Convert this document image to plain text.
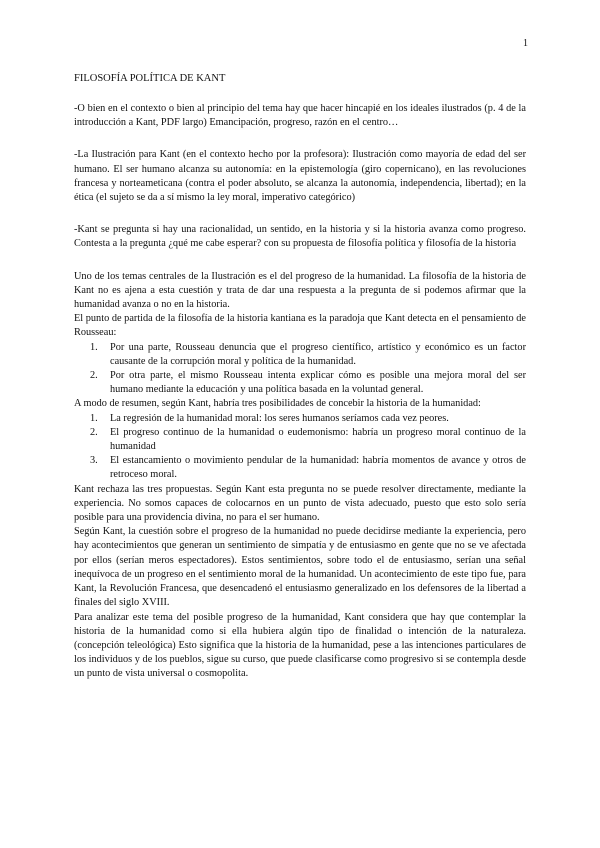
1
FILOSOFÍA POLÍTICA DE KANT

-O bien en el contexto o bien al principio del tema hay que hacer hincapié en los ideales ilustrados (p. 4 de la introducción a Kant, PDF largo) Emancipación, progreso, razón en el centro…

-La Ilustración para Kant (en el contexto hecho por la profesora): Ilustración como mayoría de edad del ser humano. El ser humano alcanza su autonomía: en la epistemología (giro copernicano), en las revoluciones francesa y norteameticana (contra el poder absoluto, se alcanza la autonomía, independencia, libertad); en la ética (el sujeto se da a sí mismo la ley moral, imperativo categórico)

-Kant se pregunta si hay una racionalidad, un sentido, en la historia y si la historia avanza como progreso. Contesta a la pregunta ¿qué me cabe esperar? con su propuesta de filosofía política y filosofía de la historia

Uno de los temas centrales de la Ilustración es el del progreso de la humanidad. La filosofía de la historia de Kant no es ajena a esta cuestión y trata de dar una respuesta a la pregunta de si podemos afirmar que la humanidad avanza o no en la historia.

El punto de partida de la filosofía de la historia kantiana es la paradoja que Kant detecta en el pensamiento de Rousseau:

1. Por una parte, Rousseau denuncia que el progreso científico, artístico y económico es un factor causante de la corrupción moral y política de la humanidad.
2. Por otra parte, el mismo Rousseau intenta explicar cómo es posible una mejora moral del ser humano mediante la educación y una política basada en la voluntad general.

A modo de resumen, según Kant, habría tres posibilidades de concebir la historia de la humanidad:

1. La regresión de la humanidad moral: los seres humanos seríamos cada vez peores.
2. El progreso continuo de la humanidad o eudemonismo: habría un progreso moral continuo de la humanidad
3. El estancamiento o movimiento pendular de la humanidad: habría momentos de avance y otros de retroceso moral.

Kant rechaza las tres propuestas. Según Kant esta pregunta no se puede resolver directamente, mediante la experiencia. No somos capaces de colocarnos en un punto de vista adecuado, puesto que esto solo sería posible para una providencia divina, no para el ser humano.

Según Kant, la cuestión sobre el progreso de la humanidad no puede decidirse mediante la experiencia, pero hay acontecimientos que generan un sentimiento de simpatía y de entusiasmo en gente que no se ve afectada por ellos (serían meros espectadores). Estos sentimientos, sobre todo el de entusiasmo, serían una señal inequívoca de un progreso en el sentimiento moral de la humanidad. Un acontecimiento de este tipo fue, para Kant, la Revolución Francesa, que desencadenó el entusiasmo generalizado en los defensores de la libertad a finales del siglo XVIII.

Para analizar este tema del posible progreso de la humanidad, Kant considera que hay que contemplar la historia de la humanidad como si ella hubiera algún tipo de finalidad o intención de la naturaleza. (concepción teleológica) Esto significa que la historia de la humanidad, pese a las intenciones particulares de los individuos y de los pueblos, sigue su curso, que puede clasificarse como progresivo si se contempla desde un punto de vista universal o cosmopolita.
